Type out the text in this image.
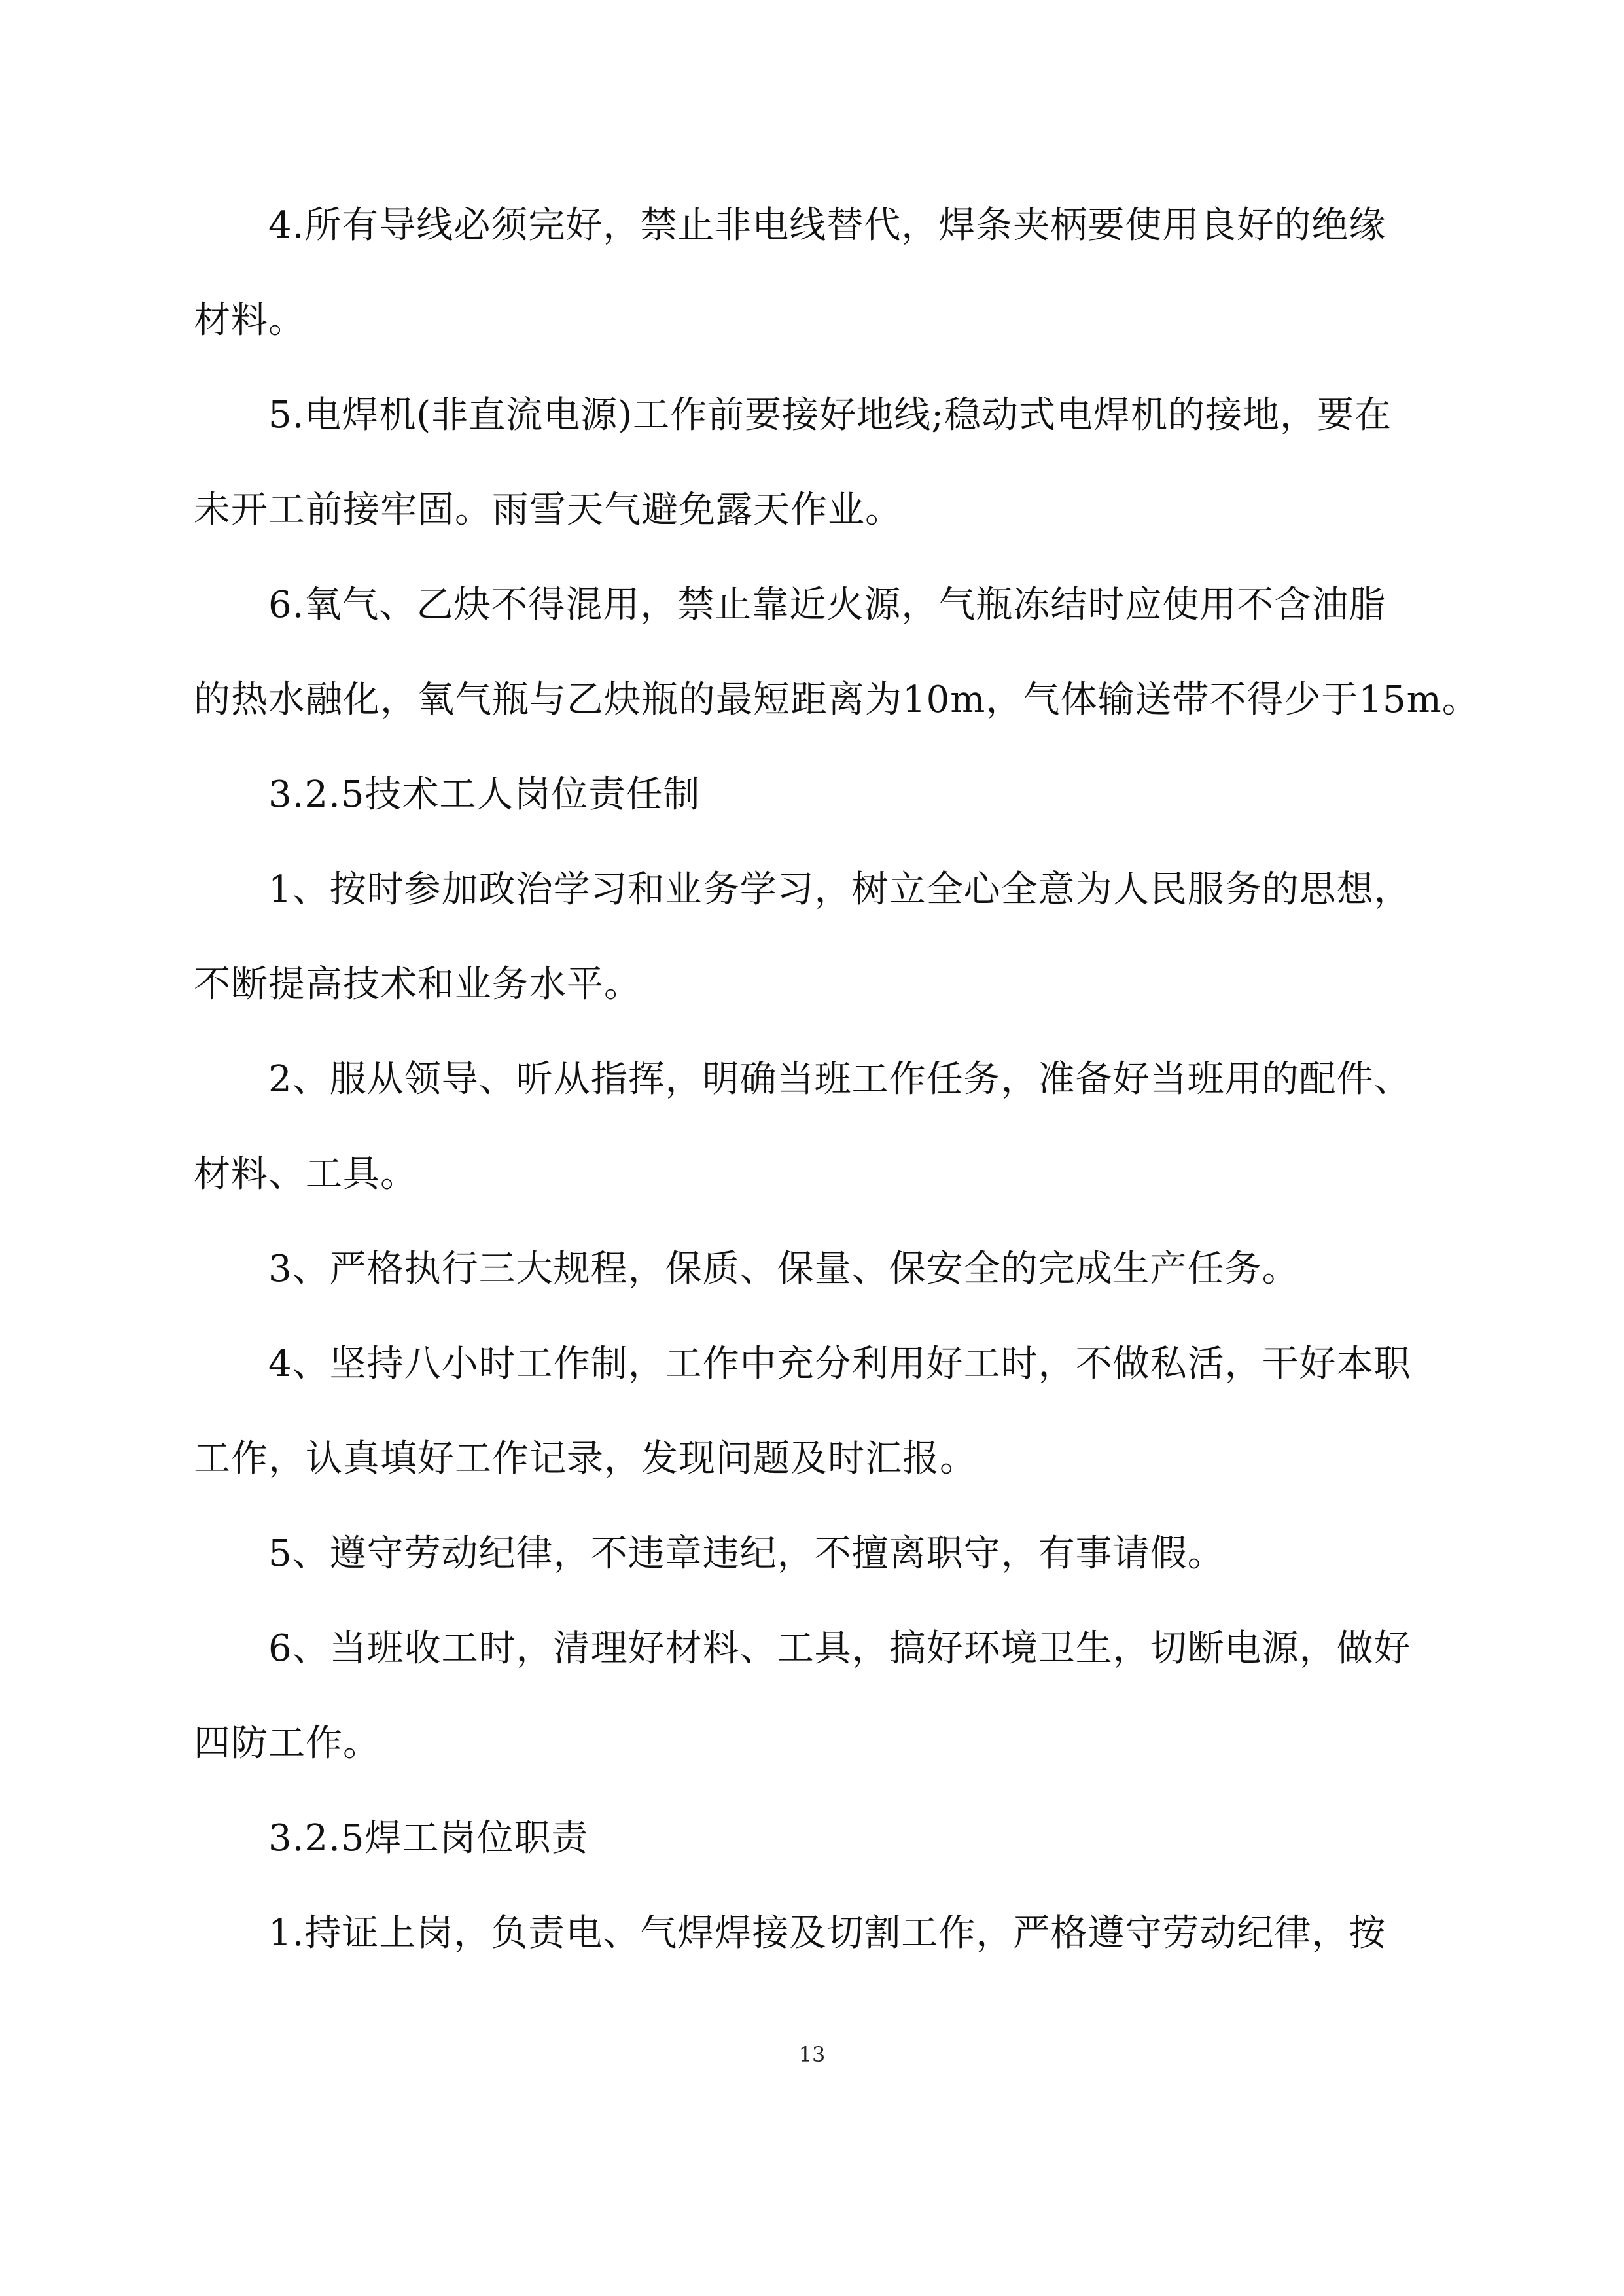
4.所有导线必须完好，禁止非电线替代，焊条夹柄要使用良好的绝缘
材料。
5.电焊机(非直流电源)工作前要接好地线;稳动式电焊机的接地，要在
未开工前接牢固。雨雪天气避免露天作业。
6.氧气、乙炔不得混用，禁止靠近火源，气瓶冻结时应使用不含油脂
的热水融化，氧气瓶与乙炔瓶的最短距离为10m，气体输送带不得少于15m。
3.2.5技术工人岗位责任制
1、按时参加政治学习和业务学习，树立全心全意为人民服务的思想，
不断提高技术和业务水平。
2、服从领导、听从指挥，明确当班工作任务，准备好当班用的配件、
材料、工具。
3、严格执行三大规程，保质、保量、保安全的完成生产任务。
4、坚持八小时工作制，工作中充分利用好工时，不做私活，干好本职
工作，认真填好工作记录，发现问题及时汇报。
5、遵守劳动纪律，不违章违纪，不擅离职守，有事请假。
6、当班收工时，清理好材料、工具，搞好环境卫生，切断电源，做好
四防工作。
3.2.5焊工岗位职责
1.持证上岗，负责电、气焊焊接及切割工作，严格遵守劳动纪律，按
13
